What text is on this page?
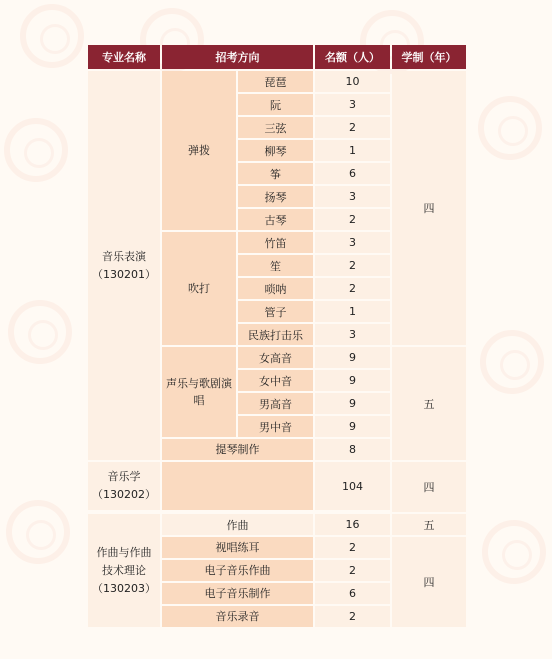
专业名称	招考方向		名额（人）	学制（年）

音乐表演
（130201）	弹拨	琵琶	10	四
		阮	3	
		三弦	2	
		柳琴	1	
		筝	6	
		扬琴	3	
		古琴	2	
	吹打	竹笛	3	
		笙	2	
		唢呐	2	
		管子	1	
		民族打击乐	3	

	声乐与歌剧演
唱	女高音	9	五
		女中音	9	
		男高音	9	
		男中音	9	
	提琴制作		8	

音乐学
（130202）			104	四

作曲与作曲
技术理论
（130203）	作曲		16	五
	视唱练耳		2	四
	电子音乐作曲		2	
	电子音乐制作		6	
	音乐录音		2	
